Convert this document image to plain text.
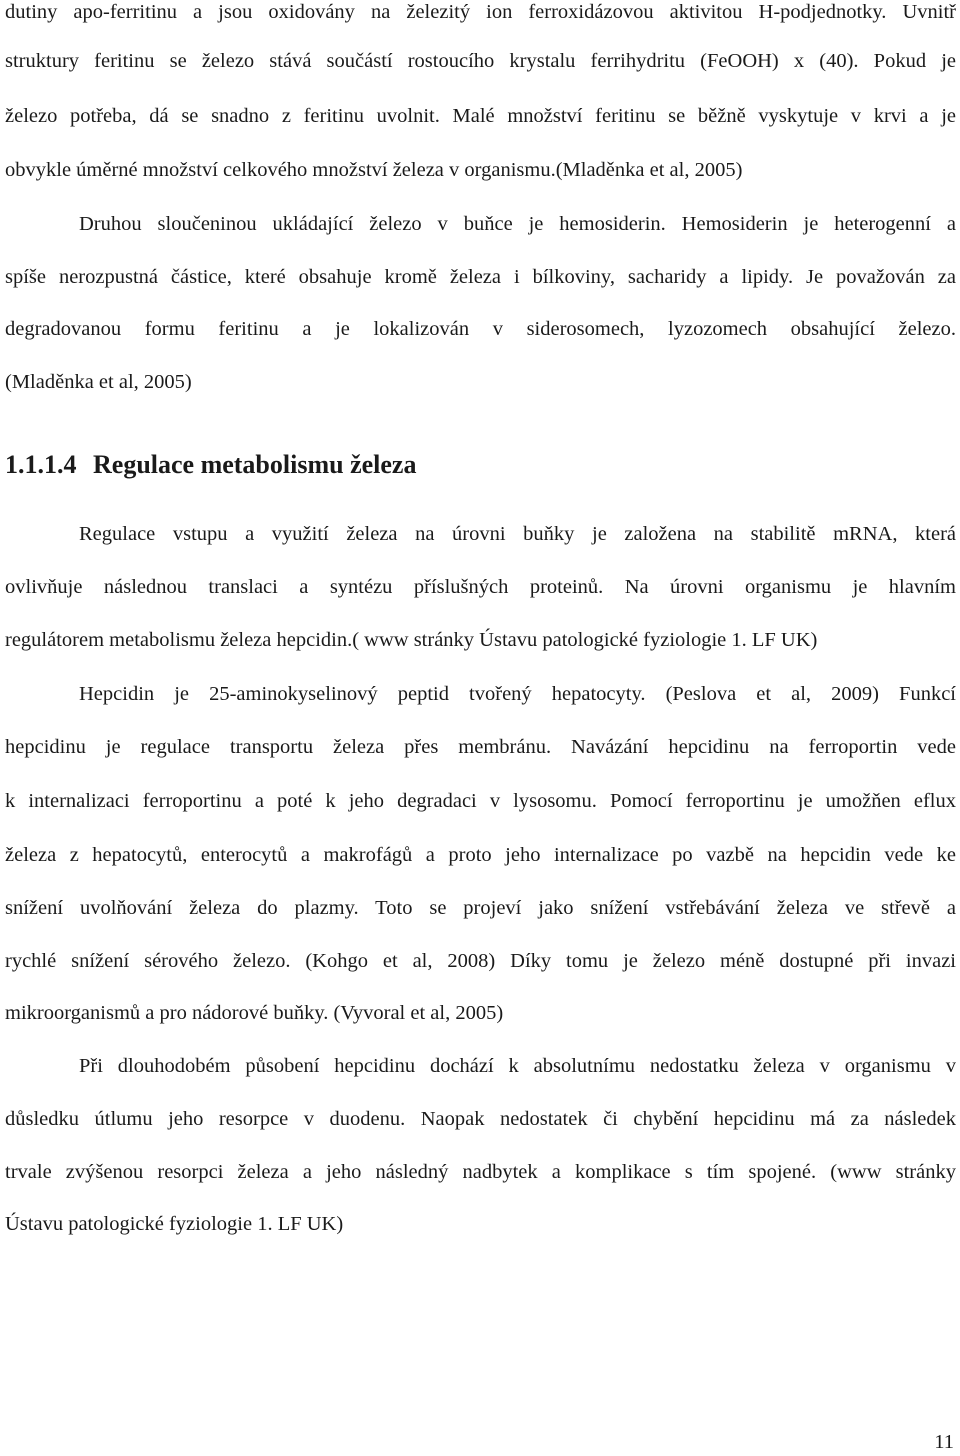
dutiny apo-ferritinu a jsou oxidovány na železitý ion ferroxidázovou aktivitou H-podjednotky. Uvnitř
struktury feritinu se železo stává součástí rostoucího krystalu ferrihydritu (FeOOH) x (40). Pokud je
železo potřeba, dá se snadno z feritinu uvolnit. Malé množství feritinu se běžně vyskytuje v krvi a je
obvykle úměrné množství celkového množství železa v organismu.(Mladěnka et al, 2005)
Druhou sloučeninou ukládající železo v buňce je hemosiderin. Hemosiderin je heterogenní a
spíše nerozpustná částice, které obsahuje kromě železa i bílkoviny, sacharidy a lipidy. Je považován za
degradovanou formu feritinu a je lokalizován v siderosomech, lyzozomech obsahující železo.
(Mladěnka et al, 2005)
1.1.1.4 Regulace metabolismu železa
Regulace vstupu a využití železa na úrovni buňky je založena na stabilitě mRNA, která
ovlivňuje následnou translaci a syntézu příslušných proteinů. Na úrovni organismu je hlavním
regulátorem metabolismu železa hepcidin.( www stránky Ústavu patologické fyziologie 1. LF UK)
Hepcidin je 25-aminokyselinový peptid tvořený hepatocyty. (Peslova et al, 2009) Funkcí
hepcidinu je regulace transportu železa přes membránu. Navázání hepcidinu na ferroportin vede
k internalizaci ferroportinu a poté k jeho degradaci v lysosomu. Pomocí ferroportinu je umožňen eflux
železa z hepatocytů, enterocytů a makrofágů a proto jeho internalizace po vazbě na hepcidin vede ke
snížení uvolňování železa do plazmy. Toto se projeví jako snížení vstřebávání železa ve střevě a
rychlé snížení sérového železo. (Kohgo et al, 2008) Díky tomu je železo méně dostupné při invazi
mikroorganismů a pro nádorové buňky. (Vyvoral et al, 2005)
Při dlouhodobém působení hepcidinu dochází k absolutnímu nedostatku železa v organismu v
důsledku útlumu jeho resorpce v duodenu. Naopak nedostatek či chybění hepcidinu má za následek
trvale zvýšenou resorpci železa a jeho následný nadbytek a komplikace s tím spojené. (www stránky
Ústavu patologické fyziologie 1. LF UK)
11
